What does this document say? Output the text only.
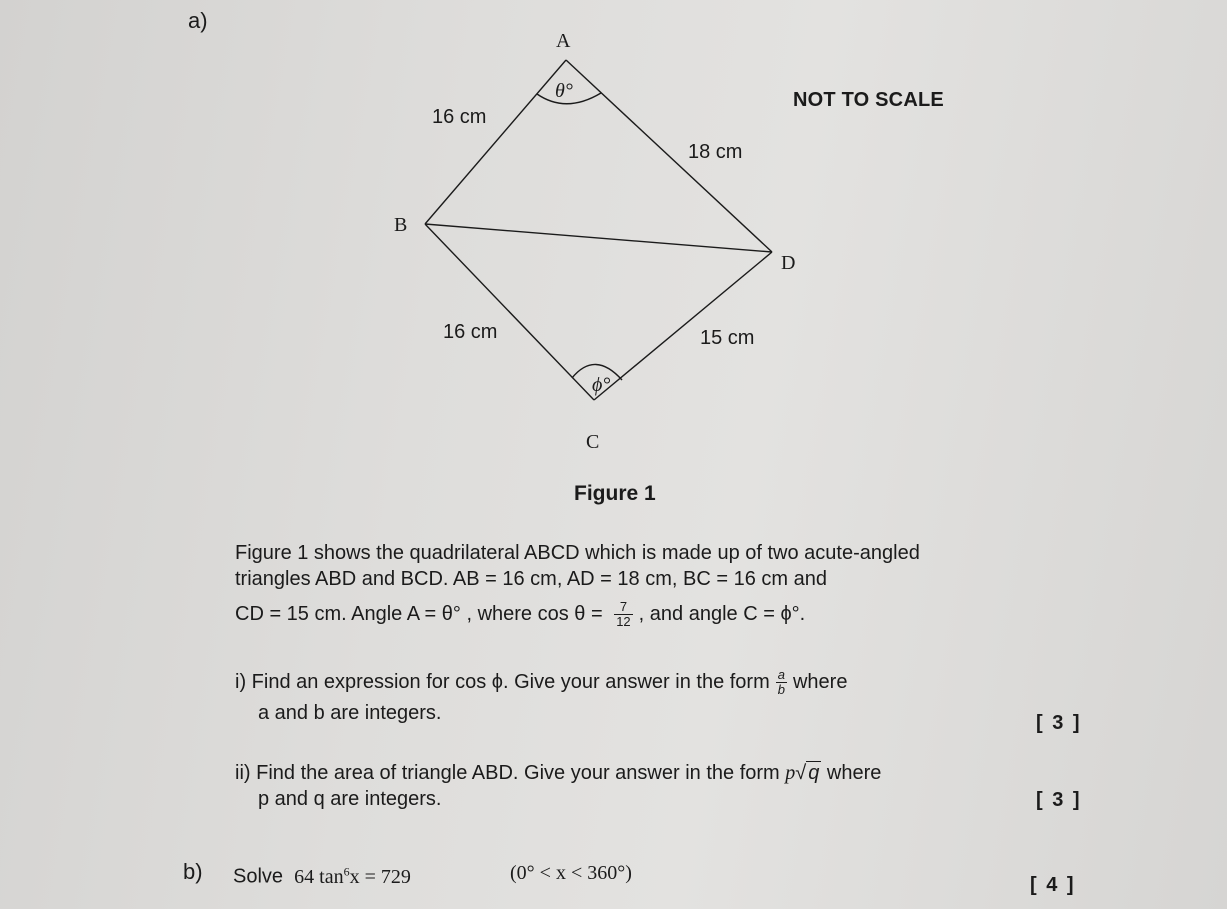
a)
A
B
C
D
θ°
ϕ°
16 cm
18 cm
16 cm	15 cm
NOT TO SCALE
Figure 1
Figure 1 shows the quadrilateral ABCD which is made up of two acute-angled
triangles ABD and BCD. AB = 16 cm, AD = 18 cm, BC = 16 cm and
CD = 15 cm. Angle A = θ° , where $\cos \theta = \frac{7}{12}$ , and angle C = ϕ°.
i) Find an expression for cos ϕ. Give your answer in the form $\frac{a}{b}$ where
a and b are integers.	[ 3 ]
ii) Find the area of triangle ABD. Give your answer in the form p√ q where
p and q are integers.	[ 3 ]
b) Solve 64 $\tan^6x = 729$	(0° < x < 360°)
[ 4 ]
